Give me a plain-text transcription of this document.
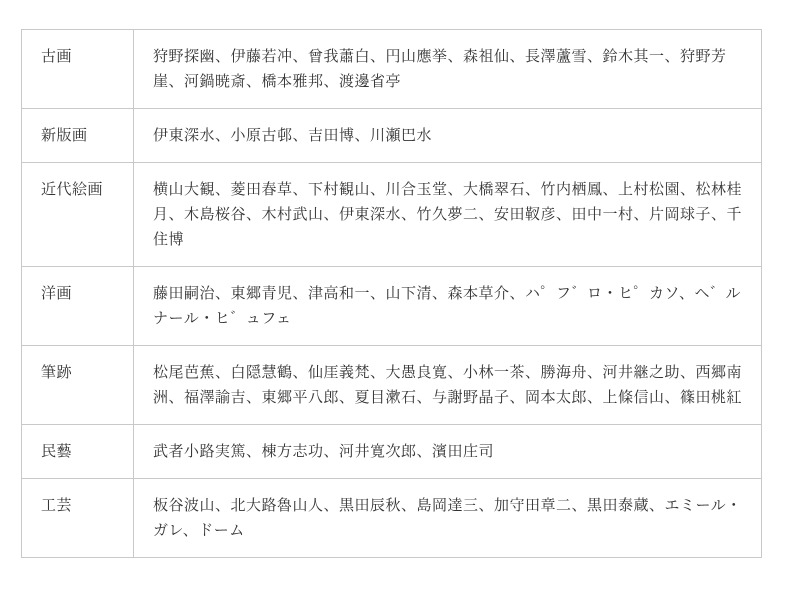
古画	狩野探幽、伊藤若冲、曾我蕭白、円山應挙、森祖仙、長澤蘆雪、鈴木其一、狩野芳崖、河鍋暁斎、橋本雅邦、渡邊省亭
新版画	伊東深水、小原古邨、吉田博、川瀬巴水
近代絵画	横山大観、菱田春草、下村観山、川合玉堂、大橋翠石、竹内栖鳳、上村松園、松林桂月、木島桜谷、木村武山、伊東深水、竹久夢二、安田靫彦、田中一村、片岡球子、千住博
洋画	藤田嗣治、東郷青児、津高和一、山下清、森本草介、ハ゜フ゛ロ・ヒ゜カソ、ヘ゛ルナール・ヒ゛ュフェ
筆跡	松尾芭蕉、白隠慧鶴、仙厓義梵、大愚良寛、小林一茶、勝海舟、河井継之助、西郷南洲、福澤諭吉、東郷平八郎、夏目漱石、与謝野晶子、岡本太郎、上條信山、篠田桃紅
民藝	武者小路実篤、棟方志功、河井寛次郎、濱田庄司
工芸	板谷波山、北大路魯山人、黒田辰秋、島岡達三、加守田章二、黒田泰蔵、エミール・ガレ、ドーム
